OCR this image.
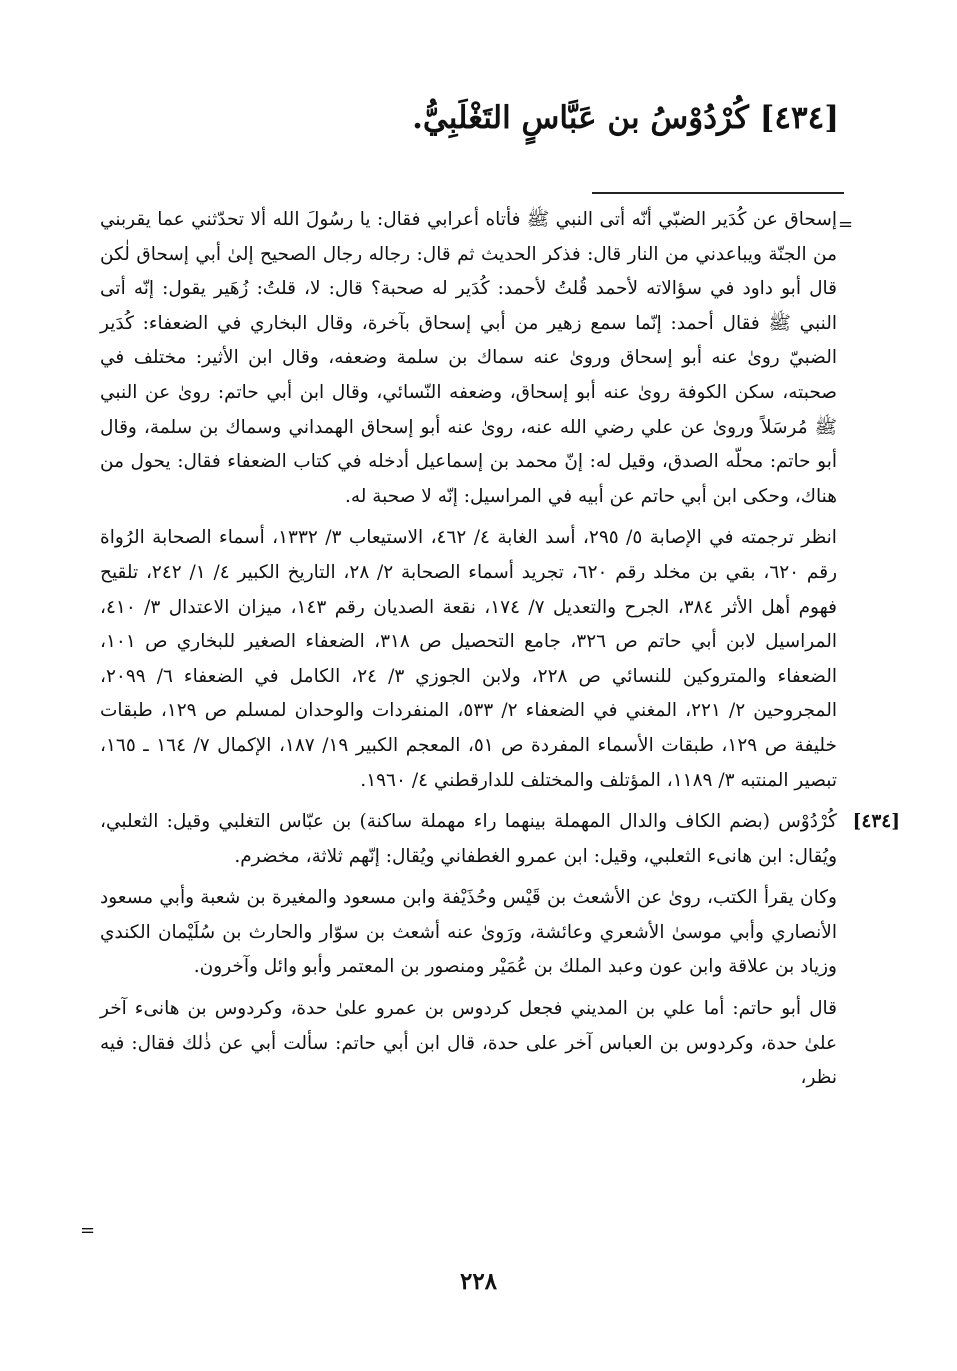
[٤٣٤] كُرْدُوْسُ بن عَبَّاسٍ التَغْلَبِيُّ.
=

إسحاق عن كُدَير الضبّي أنّه أتى النبي ﷺ فأتاه أعرابي فقال: يا رسُولَ الله ألا تحدّثني عما يقربني من الجنّة ويباعدني من النار قال: فذكر الحديث ثم قال: رجاله رجال الصحيح إلىٰ أبي إسحاق لٰكن قال أبو داود في سؤالاته لأحمد قُلتُ لأحمد: كُدَير له صحبة؟ قال: لا، قلتُ: زُهَير يقول: إنّه أتى النبي ﷺ فقال أحمد: إنّما سمع زهير من أبي إسحاق بآخرة، وقال البخاري في الضعفاء: كُدَير الضبيّ روىٰ عنه أبو إسحاق وروىٰ عنه سماك بن سلمة وضعفه، وقال ابن الأثير: مختلف في صحبته، سكن الكوفة روىٰ عنه أبو إسحاق، وضعفه النّسائي، وقال ابن أبي حاتم: روىٰ عن النبي ﷺ مُرسَلاً وروىٰ عن علي رضي الله عنه، روىٰ عنه أبو إسحاق الهمداني وسماك بن سلمة، وقال أبو حاتم: محلّه الصدق، وقيل له: إنّ محمد بن إسماعيل أدخله في كتاب الضعفاء فقال: يحول من هناك، وحكى ابن أبي حاتم عن أبيه في المراسيل: إنّه لا صحبة له.

انظر ترجمته في الإصابة ٥/ ٢٩٥، أسد الغابة ٤/ ٤٦٢، الاستيعاب ٣/ ١٣٣٢، أسماء الصحابة الرُواة رقم ٦٢٠، بقي بن مخلد رقم ٦٢٠، تجريد أسماء الصحابة ٢/ ٢٨، التاريخ الكبير ٤/ ١/ ٢٤٢، تلقيح فهوم أهل الأثر ٣٨٤، الجرح والتعديل ٧/ ١٧٤، نقعة الصديان رقم ١٤٣، ميزان الاعتدال ٣/ ٤١٠، المراسيل لابن أبي حاتم ص ٣٢٦، جامع التحصيل ص ٣١٨، الضعفاء الصغير للبخاري ص ١٠١، الضعفاء والمتروكين للنسائي ص ٢٢٨، ولابن الجوزي ٣/ ٢٤، الكامل في الضعفاء ٦/ ٢٠٩٩، المجروحين ٢/ ٢٢١، المغني في الضعفاء ٢/ ٥٣٣، المنفردات والوحدان لمسلم ص ١٢٩، طبقات خليفة ص ١٢٩، طبقات الأسماء المفردة ص ٥١، المعجم الكبير ١٩/ ١٨٧، الإكمال ٧/ ١٦٤ ـ ١٦٥، تبصير المنتبه ٣/ ١١٨٩، المؤتلف والمختلف للدارقطني ٤/ ١٩٦٠.

[٤٣٤]

كُرْدُوْس (بضم الكاف والدال المهملة بينهما راء مهملة ساكنة) بن عبّاس التغلبي وقيل: الثعلبي، ويُقال: ابن هانىء الثعلبي، وقيل: ابن عمرو الغطفاني ويُقال: إنّهم ثلاثة، مخضرم.

وكان يقرأ الكتب، روىٰ عن الأشعث بن قَيْس وحُذَيْفة وابن مسعود والمغيرة بن شعبة وأبي مسعود الأنصاري وأبي موسىٰ الأشعري وعائشة، ورَوىٰ عنه أشعث بن سوّار والحارث بن سُلَيْمان الكندي وزياد بن علاقة وابن عون وعبد الملك بن عُمَيْر ومنصور بن المعتمر وأبو وائل وآخرون.

قال أبو حاتم: أما علي بن المديني فجعل كردوس بن عمرو علىٰ حدة، وكردوس بن هانىء آخر علىٰ حدة، وكردوس بن العباس آخر على حدة، قال ابن أبي حاتم: سألت أبي عن ذٰلك فقال: فيه نظر،

=
٢٢٨
